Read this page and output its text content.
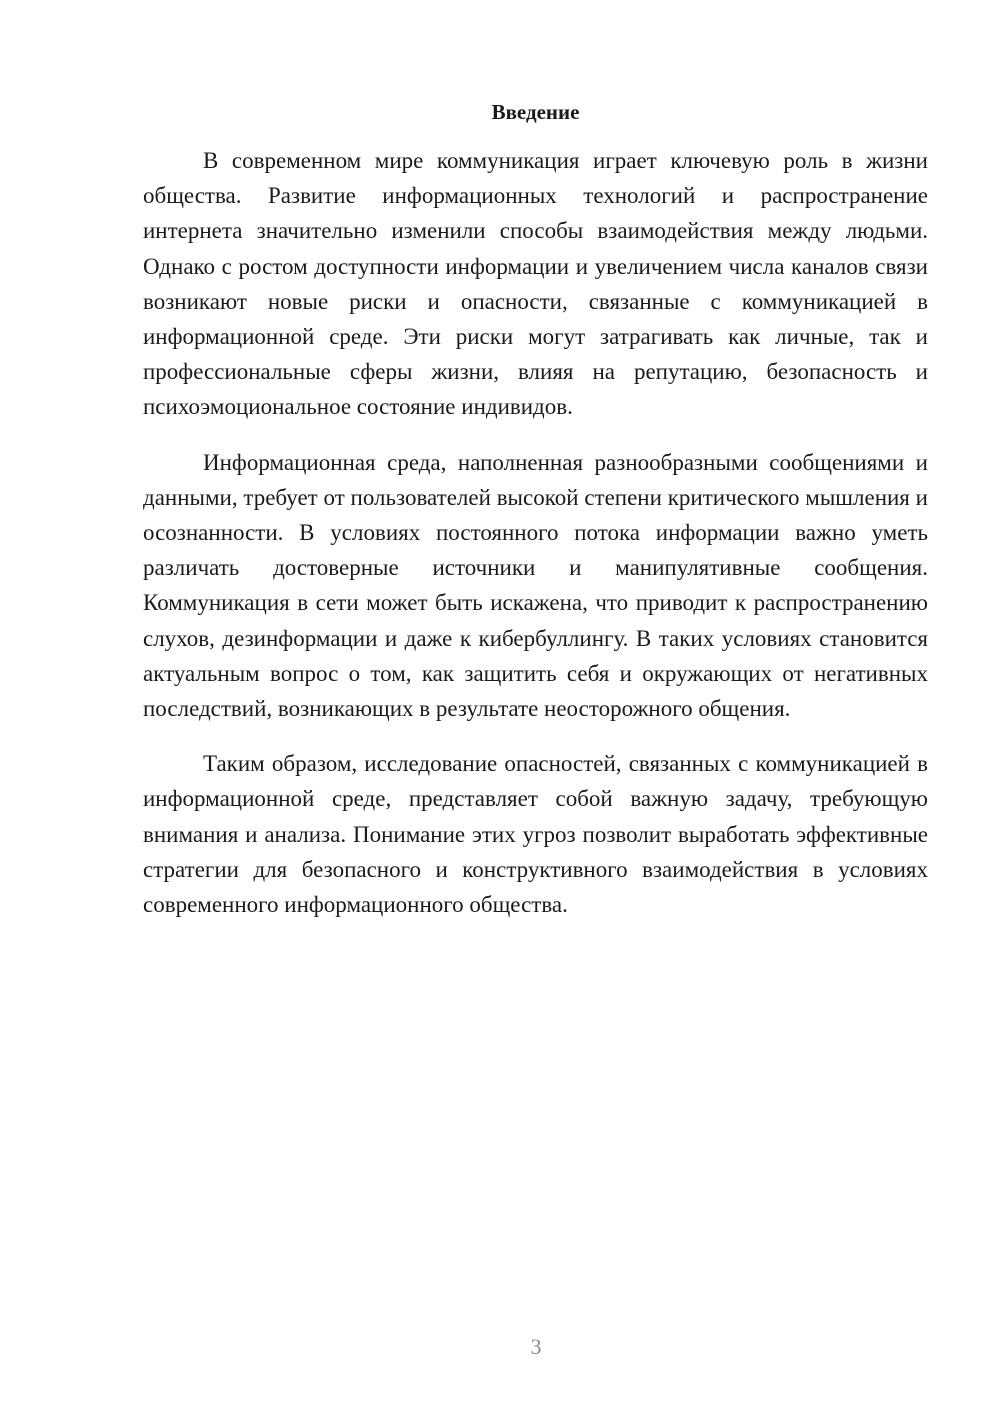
Введение

В современном мире коммуникация играет ключевую роль в жизни общества. Развитие информационных технологий и распространение интернета значительно изменили способы взаимодействия между людьми. Однако с ростом доступности информации и увеличением числа каналов связи возникают новые риски и опасности, связанные с коммуникацией в информационной среде. Эти риски могут затрагивать как личные, так и профессиональные сферы жизни, влияя на репутацию, безопасность и психоэмоциональное состояние индивидов.

Информационная среда, наполненная разнообразными сообщениями и данными, требует от пользователей высокой степени критического мышления и осознанности. В условиях постоянного потока информации важно уметь различать достоверные источники и манипулятивные сообщения. Коммуникация в сети может быть искажена, что приводит к распространению слухов, дезинформации и даже к кибербуллингу. В таких условиях становится актуальным вопрос о том, как защитить себя и окружающих от негативных последствий, возникающих в результате неосторожного общения.

Таким образом, исследование опасностей, связанных с коммуникацией в информационной среде, представляет собой важную задачу, требующую внимания и анализа. Понимание этих угроз позволит выработать эффективные стратегии для безопасного и конструктивного взаимодействия в условиях современного информационного общества.

3
